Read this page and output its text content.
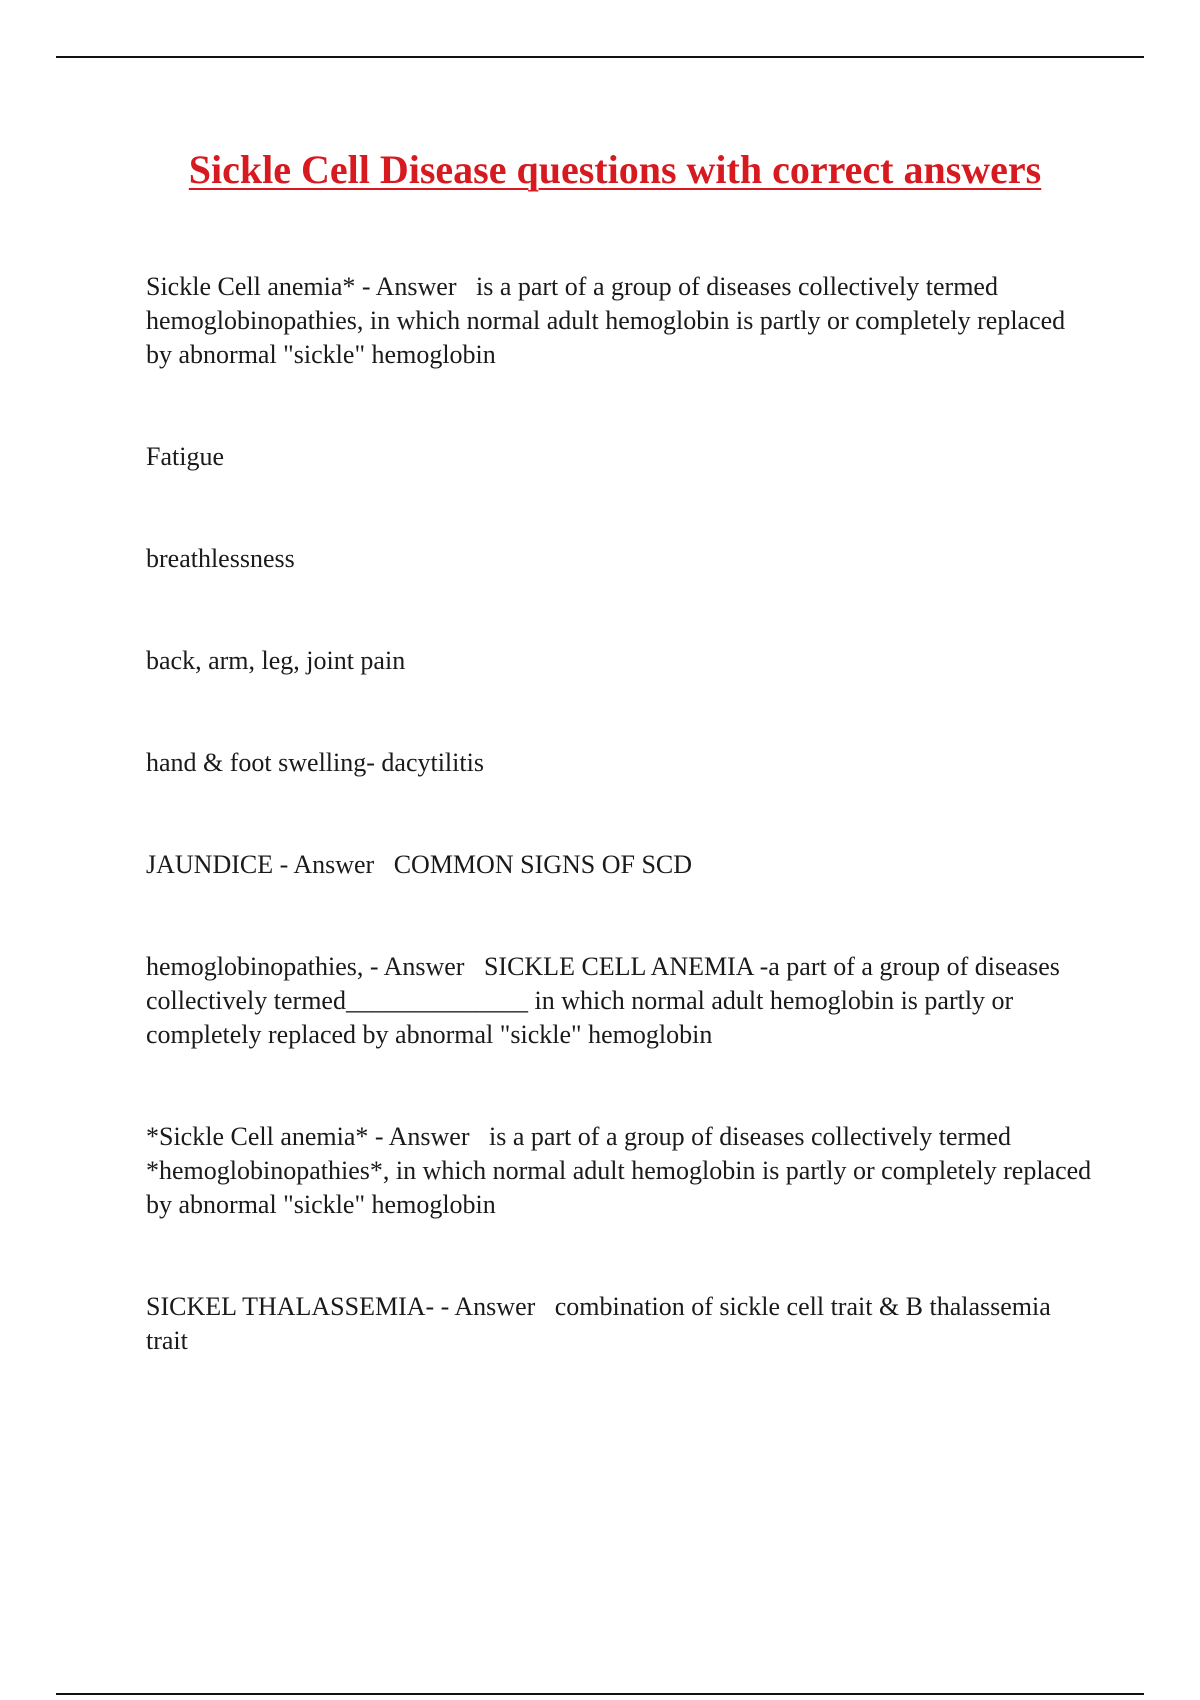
Sickle Cell Disease questions with correct answers

Sickle Cell anemia* - Answer   is a part of a group of diseases collectively termed hemoglobinopathies, in which normal adult hemoglobin is partly or completely replaced by abnormal "sickle" hemoglobin

Fatigue

breathlessness

back, arm, leg, joint pain

hand & foot swelling- dacytilitis

JAUNDICE - Answer   COMMON SIGNS OF SCD

hemoglobinopathies, - Answer   SICKLE CELL ANEMIA -a part of a group of diseases collectively termed______________ in which normal adult hemoglobin is partly or completely replaced by abnormal "sickle" hemoglobin

*Sickle Cell anemia* - Answer   is a part of a group of diseases collectively termed *hemoglobinopathies*, in which normal adult hemoglobin is partly or completely replaced by abnormal "sickle" hemoglobin

SICKEL THALASSEMIA- - Answer   combination of sickle cell trait & B thalassemia trait
